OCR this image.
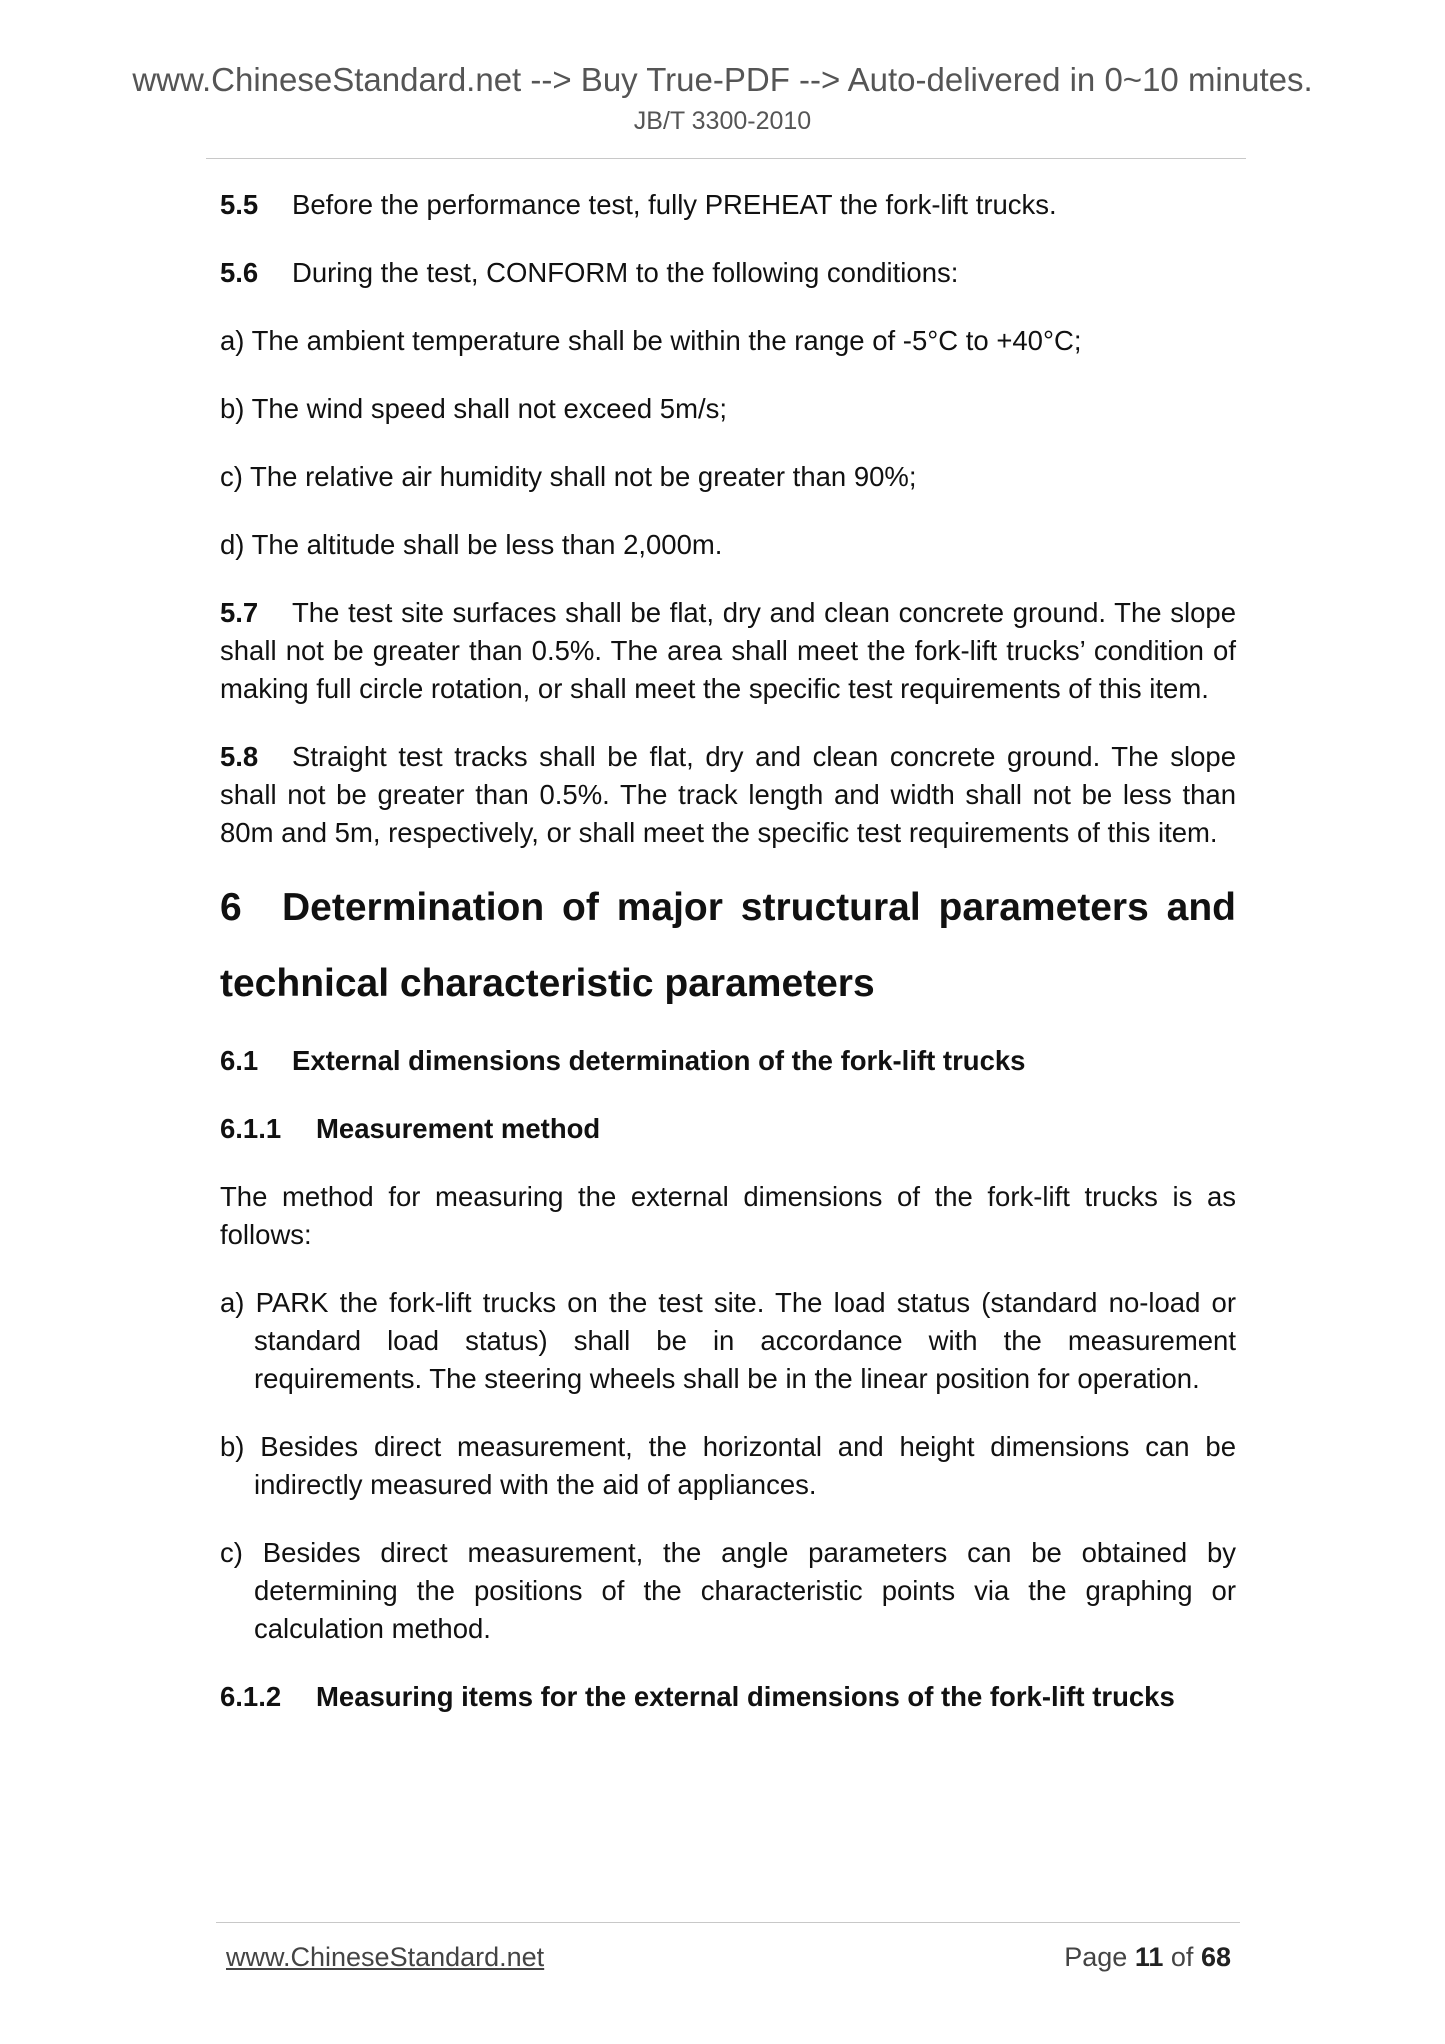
www.ChineseStandard.net --> Buy True-PDF --> Auto-delivered in 0~10 minutes.
JB/T 3300-2010

5.5 Before the performance test, fully PREHEAT the fork-lift trucks.

5.6 During the test, CONFORM to the following conditions:

a) The ambient temperature shall be within the range of -5°C to +40°C;

b) The wind speed shall not exceed 5m/s;

c) The relative air humidity shall not be greater than 90%;

d) The altitude shall be less than 2,000m.

5.7 The test site surfaces shall be flat, dry and clean concrete ground. The slope shall not be greater than 0.5%. The area shall meet the fork-lift trucks’ condition of making full circle rotation, or shall meet the specific test requirements of this item.

5.8 Straight test tracks shall be flat, dry and clean concrete ground. The slope shall not be greater than 0.5%. The track length and width shall not be less than 80m and 5m, respectively, or shall meet the specific test requirements of this item.

6 Determination of major structural parameters and technical characteristic parameters

6.1 External dimensions determination of the fork-lift trucks

6.1.1 Measurement method

The method for measuring the external dimensions of the fork-lift trucks is as follows:

a) PARK the fork-lift trucks on the test site. The load status (standard no-load or standard load status) shall be in accordance with the measurement requirements. The steering wheels shall be in the linear position for operation.

b) Besides direct measurement, the horizontal and height dimensions can be indirectly measured with the aid of appliances.

c) Besides direct measurement, the angle parameters can be obtained by determining the positions of the characteristic points via the graphing or calculation method.

6.1.2 Measuring items for the external dimensions of the fork-lift trucks

www.ChineseStandard.net	Page 11 of 68
